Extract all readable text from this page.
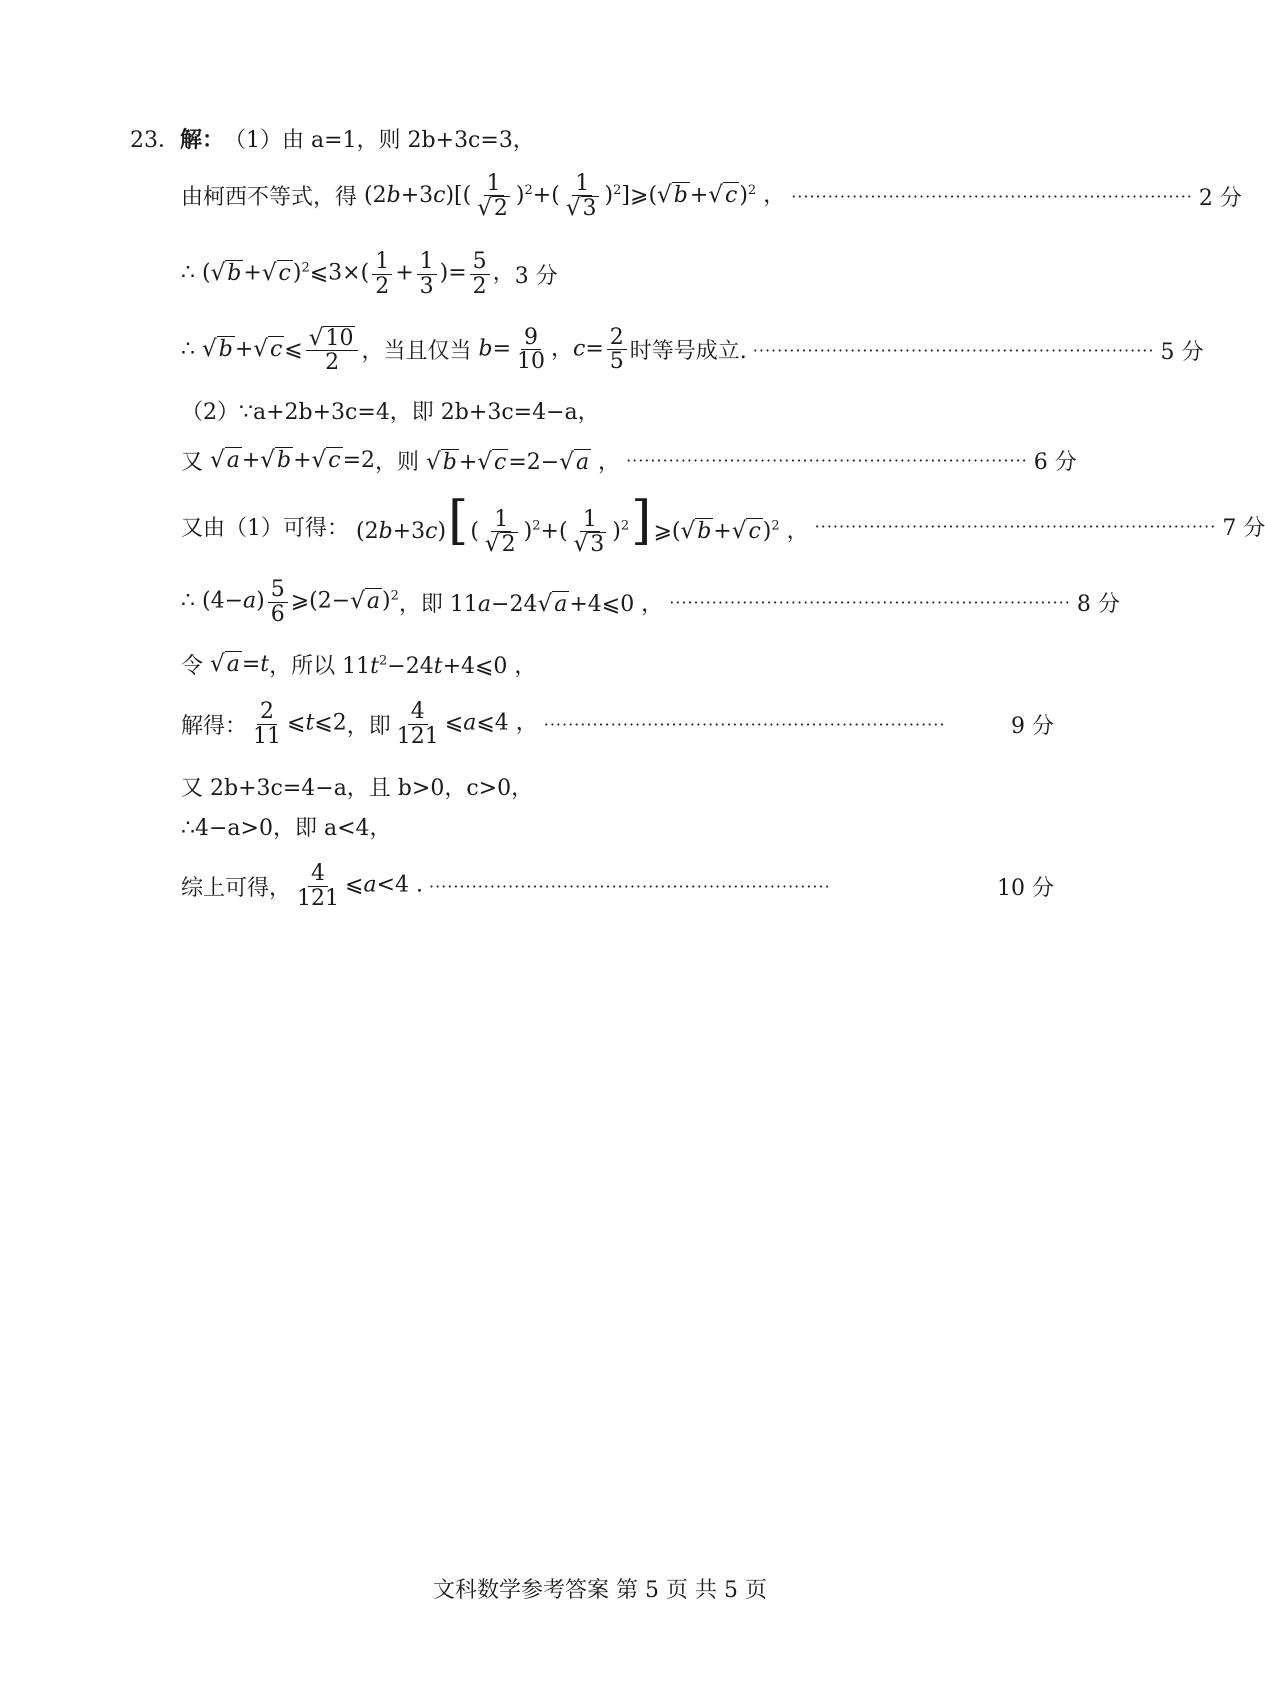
23． 解： （1） 由 a=1，则 2b+3c=3，
由柯西不等式，得 $(2b+3c)[( \frac{1}{√ 2} )^2+( \frac{1}{√ 3}$ )$^2]⩾$( √ b + √ c )$^2$ ， ·································································· 2 分
∴ ( √ b + √ c )$^2$⩽3×( $\frac{1}{2} + \frac{1}{3}$ )= $\frac{5}{2}$ ， 3 分
∴ √ b + √ c ⩽ $\frac{√ 10}{2}$ ，当且仅当 $b= \frac{9}{10}$ ，$c= \frac{2}{5}$ 时等号成立. ·································································· 5 分
（2） ∵a+2b+3c=4，即 2b+3c=4−a，
又
√ a + √ b + √ c =2 ，则
√ b + √ c =2− √ a ， ·································································· 6 分
又由（1）可得： $(2b+3c)[( \frac{1}{√ 2} )^2+( \frac{1}{√ 3}$ )$^2]⩾$( √ b + √ c )$^2$ ， ·································································· 7 分
∴ $(4-a) \frac{5}{6}$ ⩾(2− √ a )$^2$ ，即 11a−24 √ a +4⩽0 ， ·································································· 8 分
令
√ a =t ，所以 $11t^2-24t+4⩽0$ ，
解得： $\frac{2}{11}$ ⩽t⩽2 ，即 $\frac{4}{121}$ ⩽a⩽4 ， ··································································	9 分
又 2b+3c=4−a，且 b>0，c>0，
∴4−a>0，即 a<4，
综上可得， $\frac{4}{121}$ ⩽a<4 . ··································································	10 分
文科数学参考答案 第 5 页 共 5 页
